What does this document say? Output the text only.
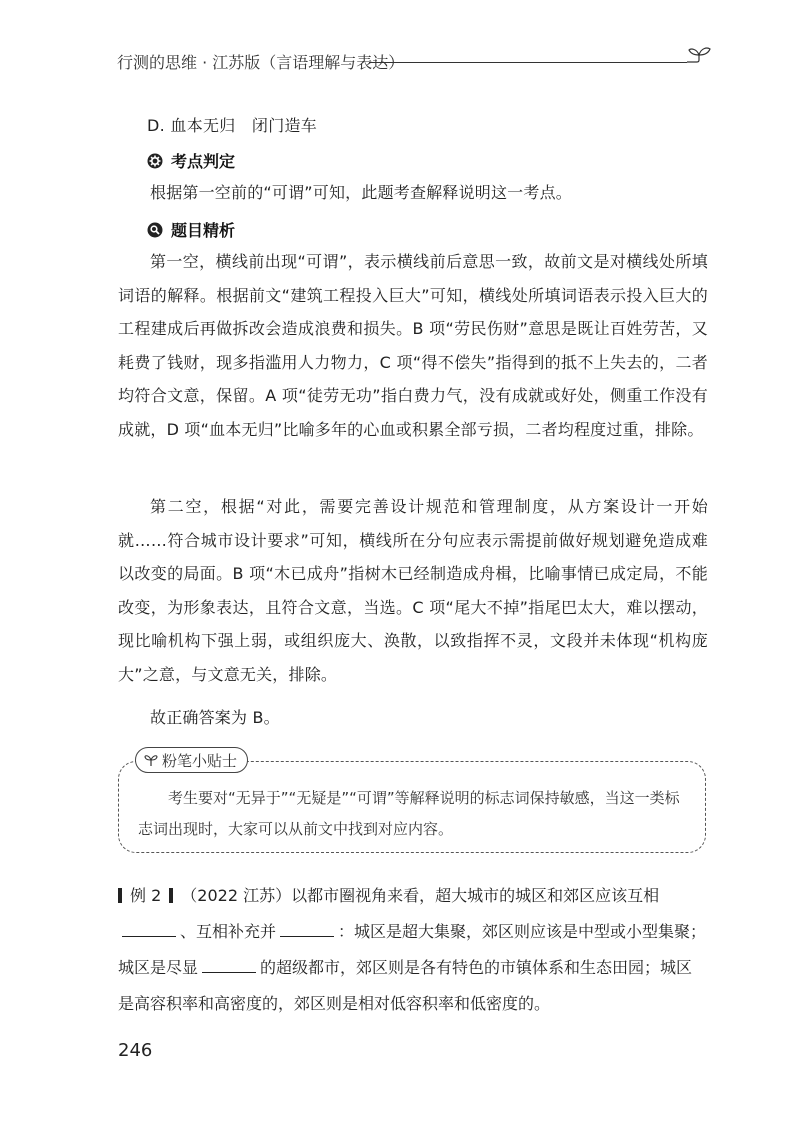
行测的思维 · 江苏版（言语理解与表达）
D. 血本无归　闭门造车
考点判定

根据第一空前的“可谓”可知，此题考查解释说明这一考点。

题目精析

第一空，横线前出现“可谓”，表示横线前后意思一致，故前文是对横线处所填词语的解释。根据前文“建筑工程投入巨大”可知，横线处所填词语表示投入巨大的工程建成后再做拆改会造成浪费和损失。B 项“劳民伤财”意思是既让百姓劳苦，又耗费了钱财，现多指滥用人力物力，C 项“得不偿失”指得到的抵不上失去的，二者均符合文意，保留。A 项“徒劳无功”指白费力气，没有成就或好处，侧重工作没有成就，D 项“血本无归”比喻多年的心血或积累全部亏损，二者均程度过重，排除。

第二空，根据“对此，需要完善设计规范和管理制度，从方案设计一开始就……符合城市设计要求”可知，横线所在分句应表示需提前做好规划避免造成难以改变的局面。B 项“木已成舟”指树木已经制造成舟楫，比喻事情已成定局，不能改变，为形象表达，且符合文意，当选。C 项“尾大不掉”指尾巴太大，难以摆动，现比喻机构下强上弱，或组织庞大、涣散，以致指挥不灵，文段并未体现“机构庞大”之意，与文意无关，排除。

故正确答案为 B。

粉笔小贴士

考生要对“无异于”“无疑是”“可谓”等解释说明的标志词保持敏感，当这一类标志词出现时，大家可以从前文中找到对应内容。

例 2 （2022 江苏）以都市圈视角来看，超大城市的城区和郊区应该互相
、互相补充并	：城区是超大集聚，郊区则应该是中型或小型集聚；城区是尽显	的超级都市，郊区则是各有特色的市镇体系和生态田园；城区是高容积率和高密度的，郊区则是相对低容积率和低密度的。

246
